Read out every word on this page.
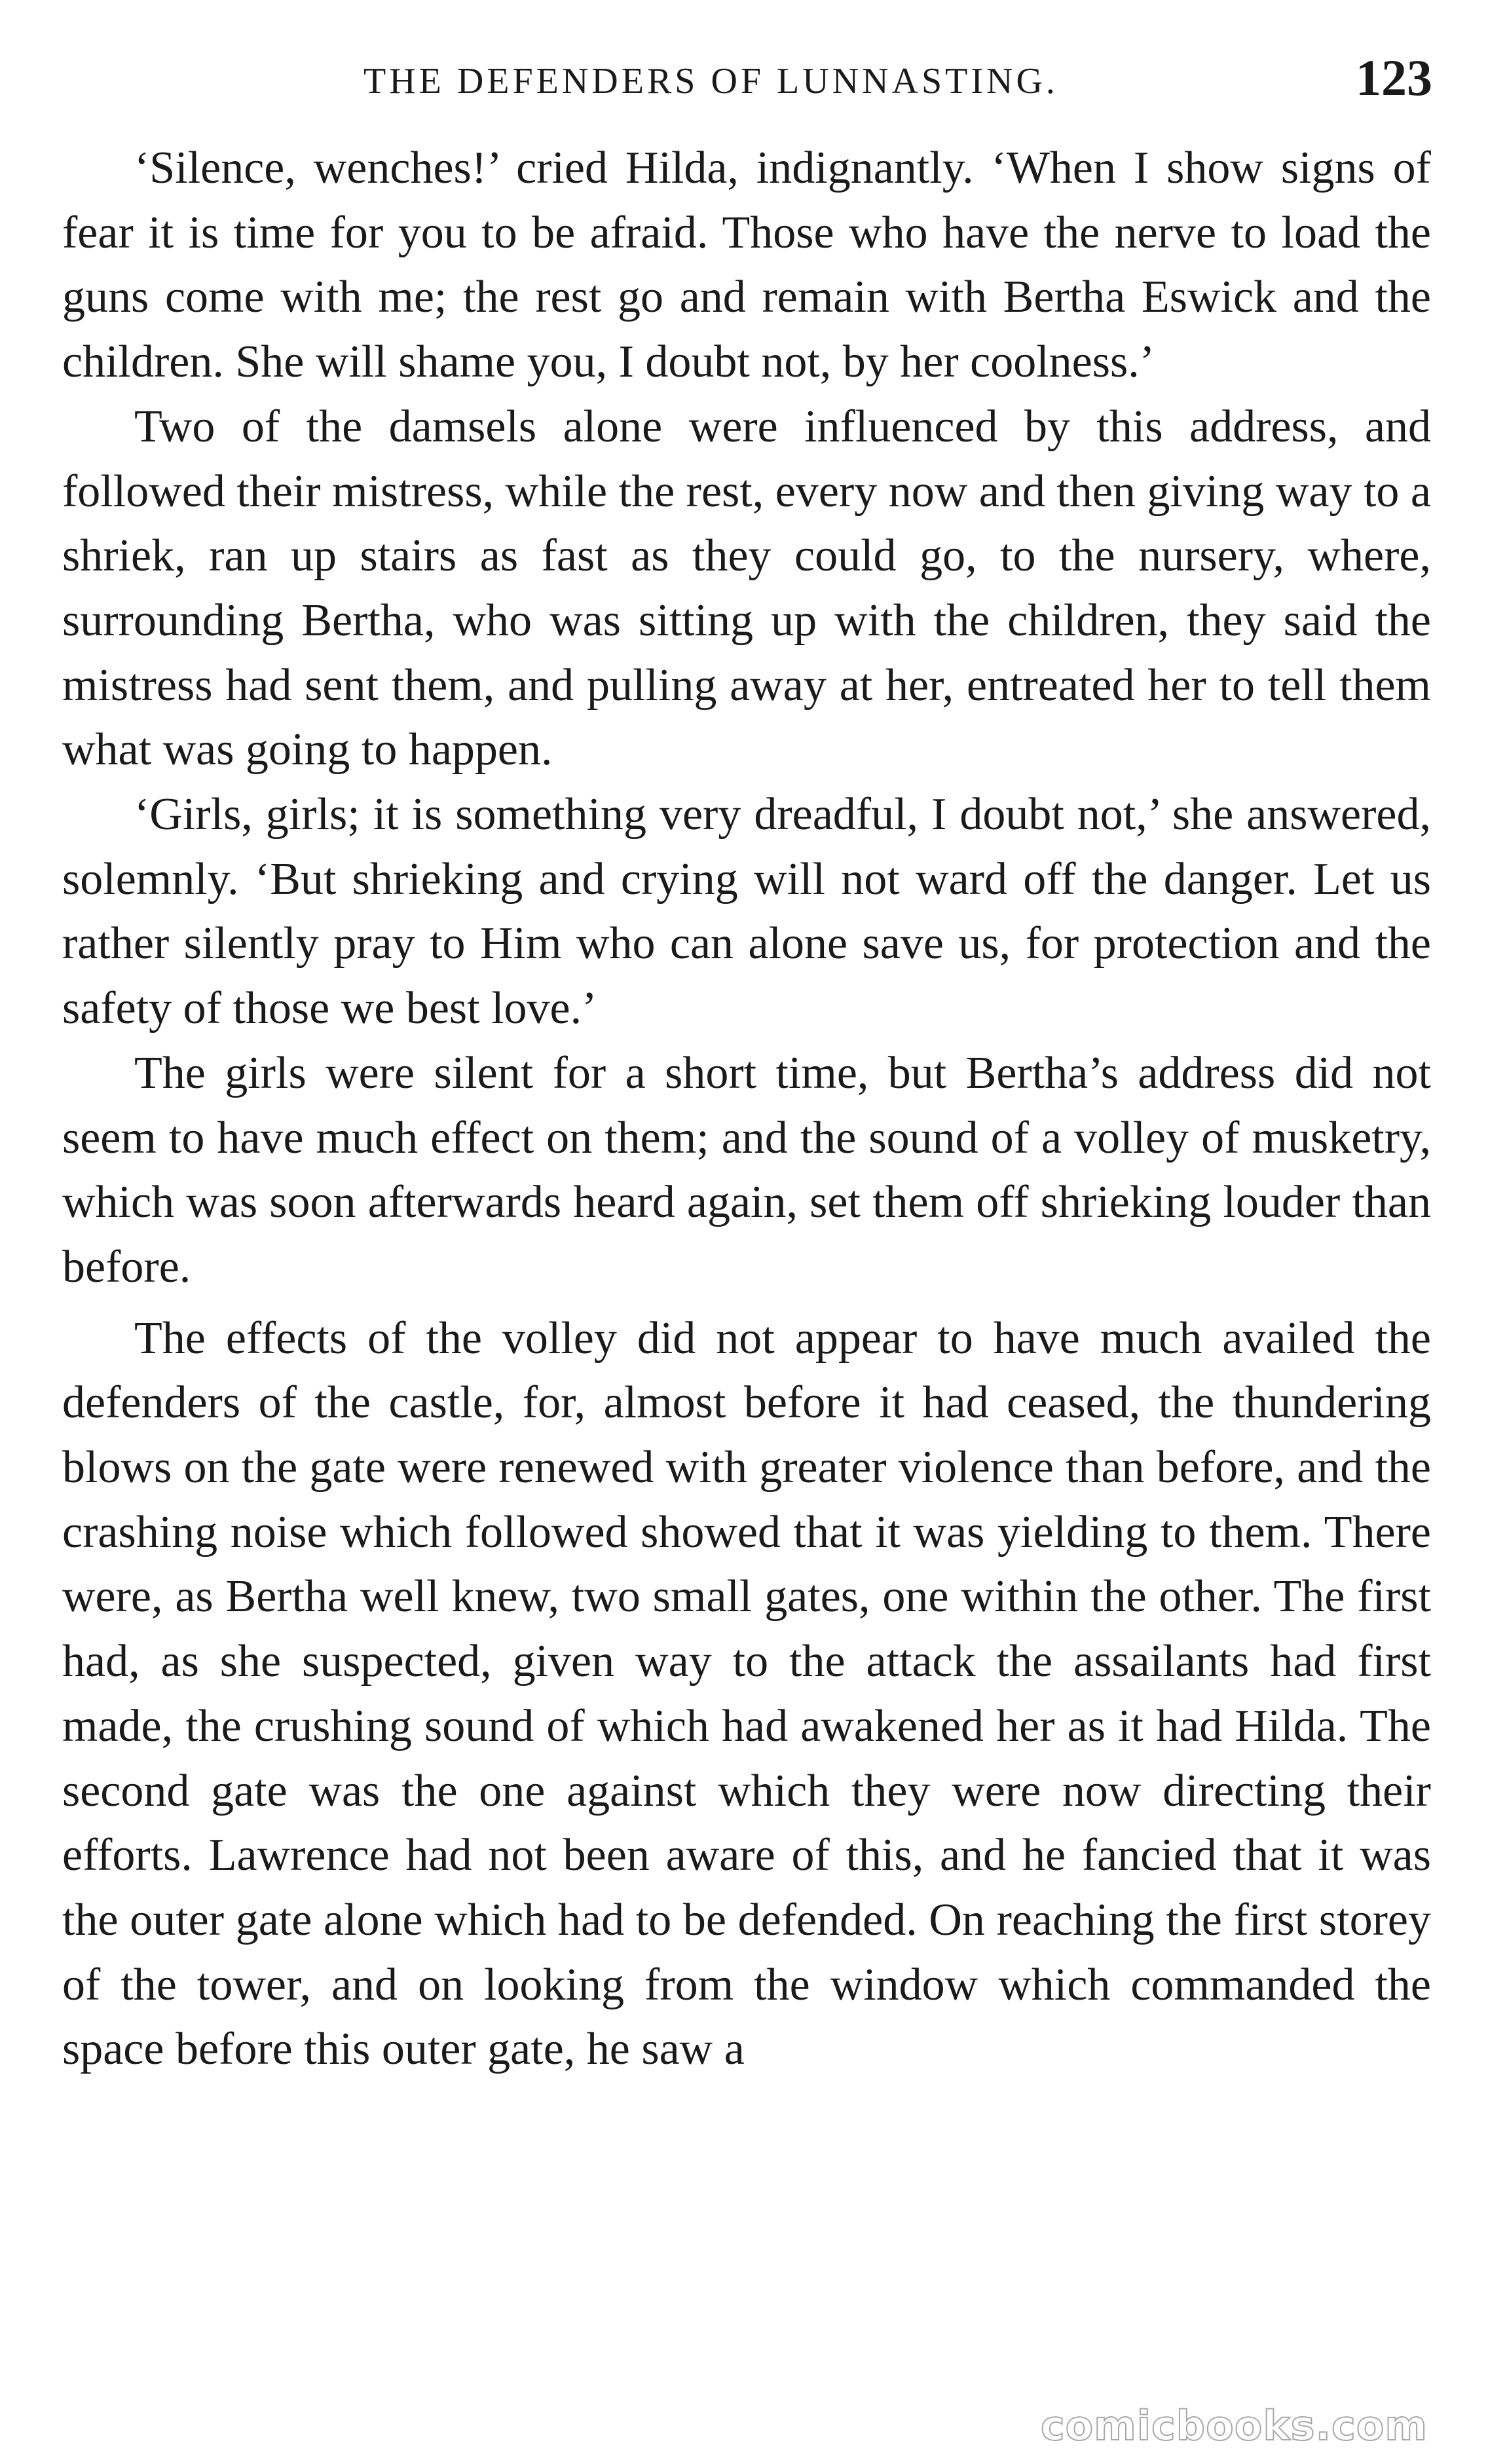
THE DEFENDERS OF LUNNASTING.	123

‘Silence, wenches!’ cried Hilda, indignantly. ‘When I show signs of fear it is time for you to be afraid. Those who have the nerve to load the guns come with me; the rest go and remain with Bertha Eswick and the children. She will shame you, I doubt not, by her coolness.’

Two of the damsels alone were influenced by this address, and followed their mistress, while the rest, every now and then giving way to a shriek, ran up stairs as fast as they could go, to the nursery, where, surrounding Bertha, who was sitting up with the children, they said the mistress had sent them, and pulling away at her, entreated her to tell them what was going to happen.

‘Girls, girls; it is something very dreadful, I doubt not,’ she answered, solemnly. ‘But shrieking and crying will not ward off the danger. Let us rather silently pray to Him who can alone save us, for protection and the safety of those we best love.’

The girls were silent for a short time, but Bertha’s address did not seem to have much effect on them; and the sound of a volley of musketry, which was soon afterwards heard again, set them off shrieking louder than before.

The effects of the volley did not appear to have much availed the defenders of the castle, for, almost before it had ceased, the thundering blows on the gate were renewed with greater violence than before, and the crashing noise which followed showed that it was yielding to them. There were, as Bertha well knew, two small gates, one within the other. The first had, as she suspected, given way to the attack the assailants had first made, the crushing sound of which had awakened her as it had Hilda. The second gate was the one against which they were now directing their efforts. Lawrence had not been aware of this, and he fancied that it was the outer gate alone which had to be defended. On reaching the first storey of the tower, and on looking from the window which commanded the space before this outer gate, he saw a

comicbooks.com
